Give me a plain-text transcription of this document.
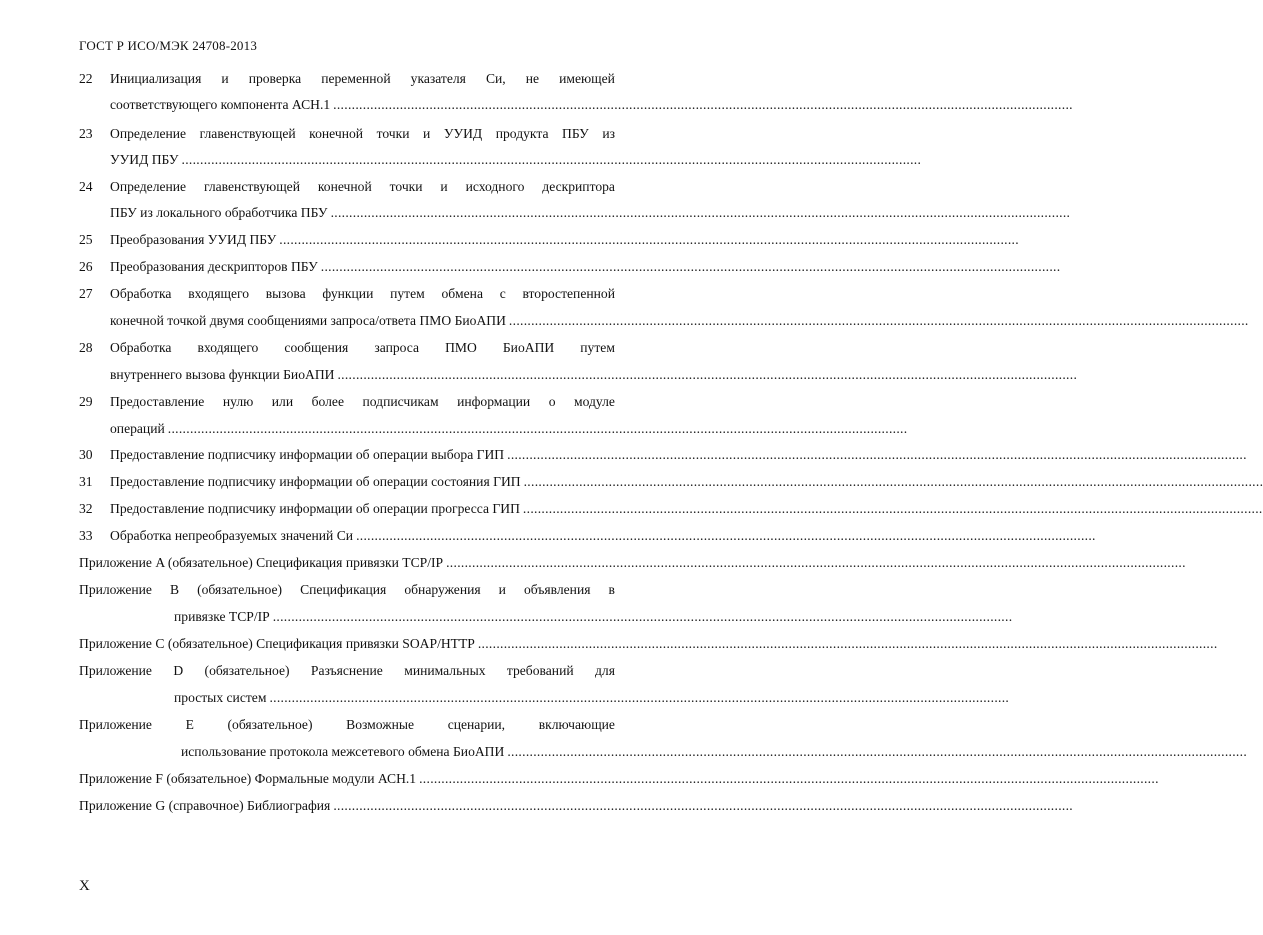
ГОСТ Р ИСО/МЭК 24708-2013
22	Инициализация и проверка переменной указателя Си, не имеющей
соответствующего компонента АСН.1 ........................................................................................................................................................................................................
23	Определение главенствующей конечной точки и УУИД продукта ПБУ из
УУИД ПБУ ........................................................................................................................................................................................................
24	Определение главенствующей конечной точки и исходного дескриптора
ПБУ из локального обработчика ПБУ ........................................................................................................................................................................................................
25	Преобразования УУИД ПБУ ........................................................................................................................................................................................................
26	Преобразования дескрипторов ПБУ ........................................................................................................................................................................................................
27	Обработка входящего вызова функции путем обмена с второстепенной
конечной точкой двумя сообщениями запроса/ответа ПМО БиоАПИ ........................................................................................................................................................................................................
28	Обработка входящего сообщения запроса ПМО БиоАПИ путем
внутреннего вызова функции БиоАПИ ........................................................................................................................................................................................................
29	Предоставление нулю или более подписчикам информации о модуле
операций ........................................................................................................................................................................................................
30	Предоставление подписчику информации об операции выбора ГИП ........................................................................................................................................................................................................
31	Предоставление подписчику информации об операции состояния ГИП ........................................................................................................................................................................................................
32	Предоставление подписчику информации об операции прогресса ГИП ........................................................................................................................................................................................................
33	Обработка непреобразуемых значений Си ........................................................................................................................................................................................................
Приложение A (обязательное) Спецификация привязки TCP/IP ........................................................................................................................................................................................................
Приложение B (обязательное) Спецификация обнаружения и объявления в
привязке TCP/IP ........................................................................................................................................................................................................
Приложение C (обязательное) Спецификация привязки SOAP/HTTP ........................................................................................................................................................................................................
Приложение D (обязательное) Разъяснение минимальных требований для
простых систем ........................................................................................................................................................................................................
Приложение E (обязательное) Возможные сценарии, включающие
использование протокола межсетевого обмена БиоАПИ ........................................................................................................................................................................................................
Приложение F (обязательное) Формальные модули АСН.1 ........................................................................................................................................................................................................
Приложение G (справочное) Библиография ........................................................................................................................................................................................................
X
